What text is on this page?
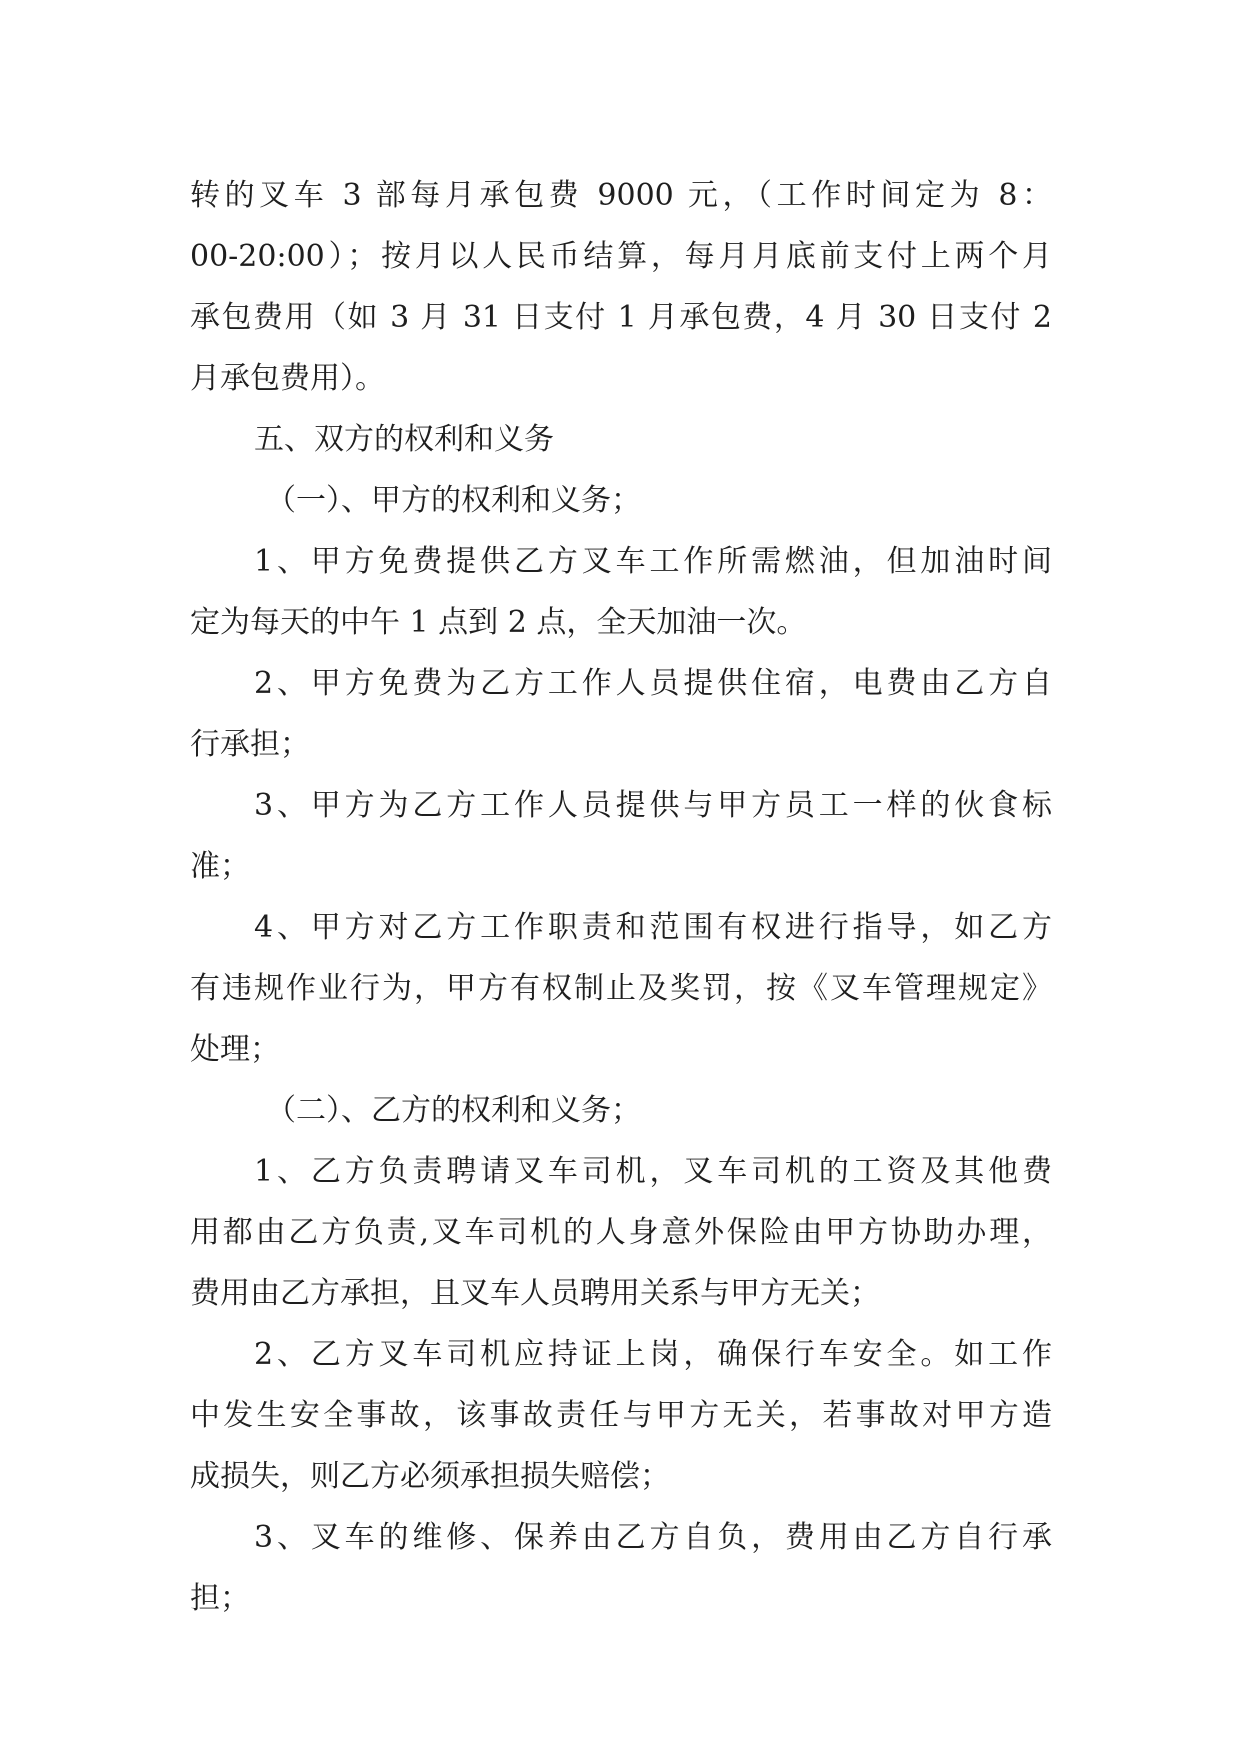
转的叉车 3 部每月承包费 9000 元，（工作时间定为 8：
00-20:00）；按月以人民币结算，每月月底前支付上两个月
承包费用（如 3 月 31 日支付 1 月承包费，4 月 30 日支付 2
月承包费用）。
五、双方的权利和义务
（一）、甲方的权利和义务；
1、甲方免费提供乙方叉车工作所需燃油，但加油时间
定为每天的中午 1 点到 2 点，全天加油一次。
2、甲方免费为乙方工作人员提供住宿，电费由乙方自
行承担；
3、甲方为乙方工作人员提供与甲方员工一样的伙食标
准；
4、甲方对乙方工作职责和范围有权进行指导，如乙方
有违规作业行为，甲方有权制止及奖罚，按《叉车管理规定》
处理；
（二）、乙方的权利和义务；
1、乙方负责聘请叉车司机，叉车司机的工资及其他费
用都由乙方负责,叉车司机的人身意外保险由甲方协助办理，
费用由乙方承担，且叉车人员聘用关系与甲方无关；
2、乙方叉车司机应持证上岗，确保行车安全。如工作
中发生安全事故，该事故责任与甲方无关，若事故对甲方造
成损失，则乙方必须承担损失赔偿；
3、叉车的维修、保养由乙方自负，费用由乙方自行承
担；
